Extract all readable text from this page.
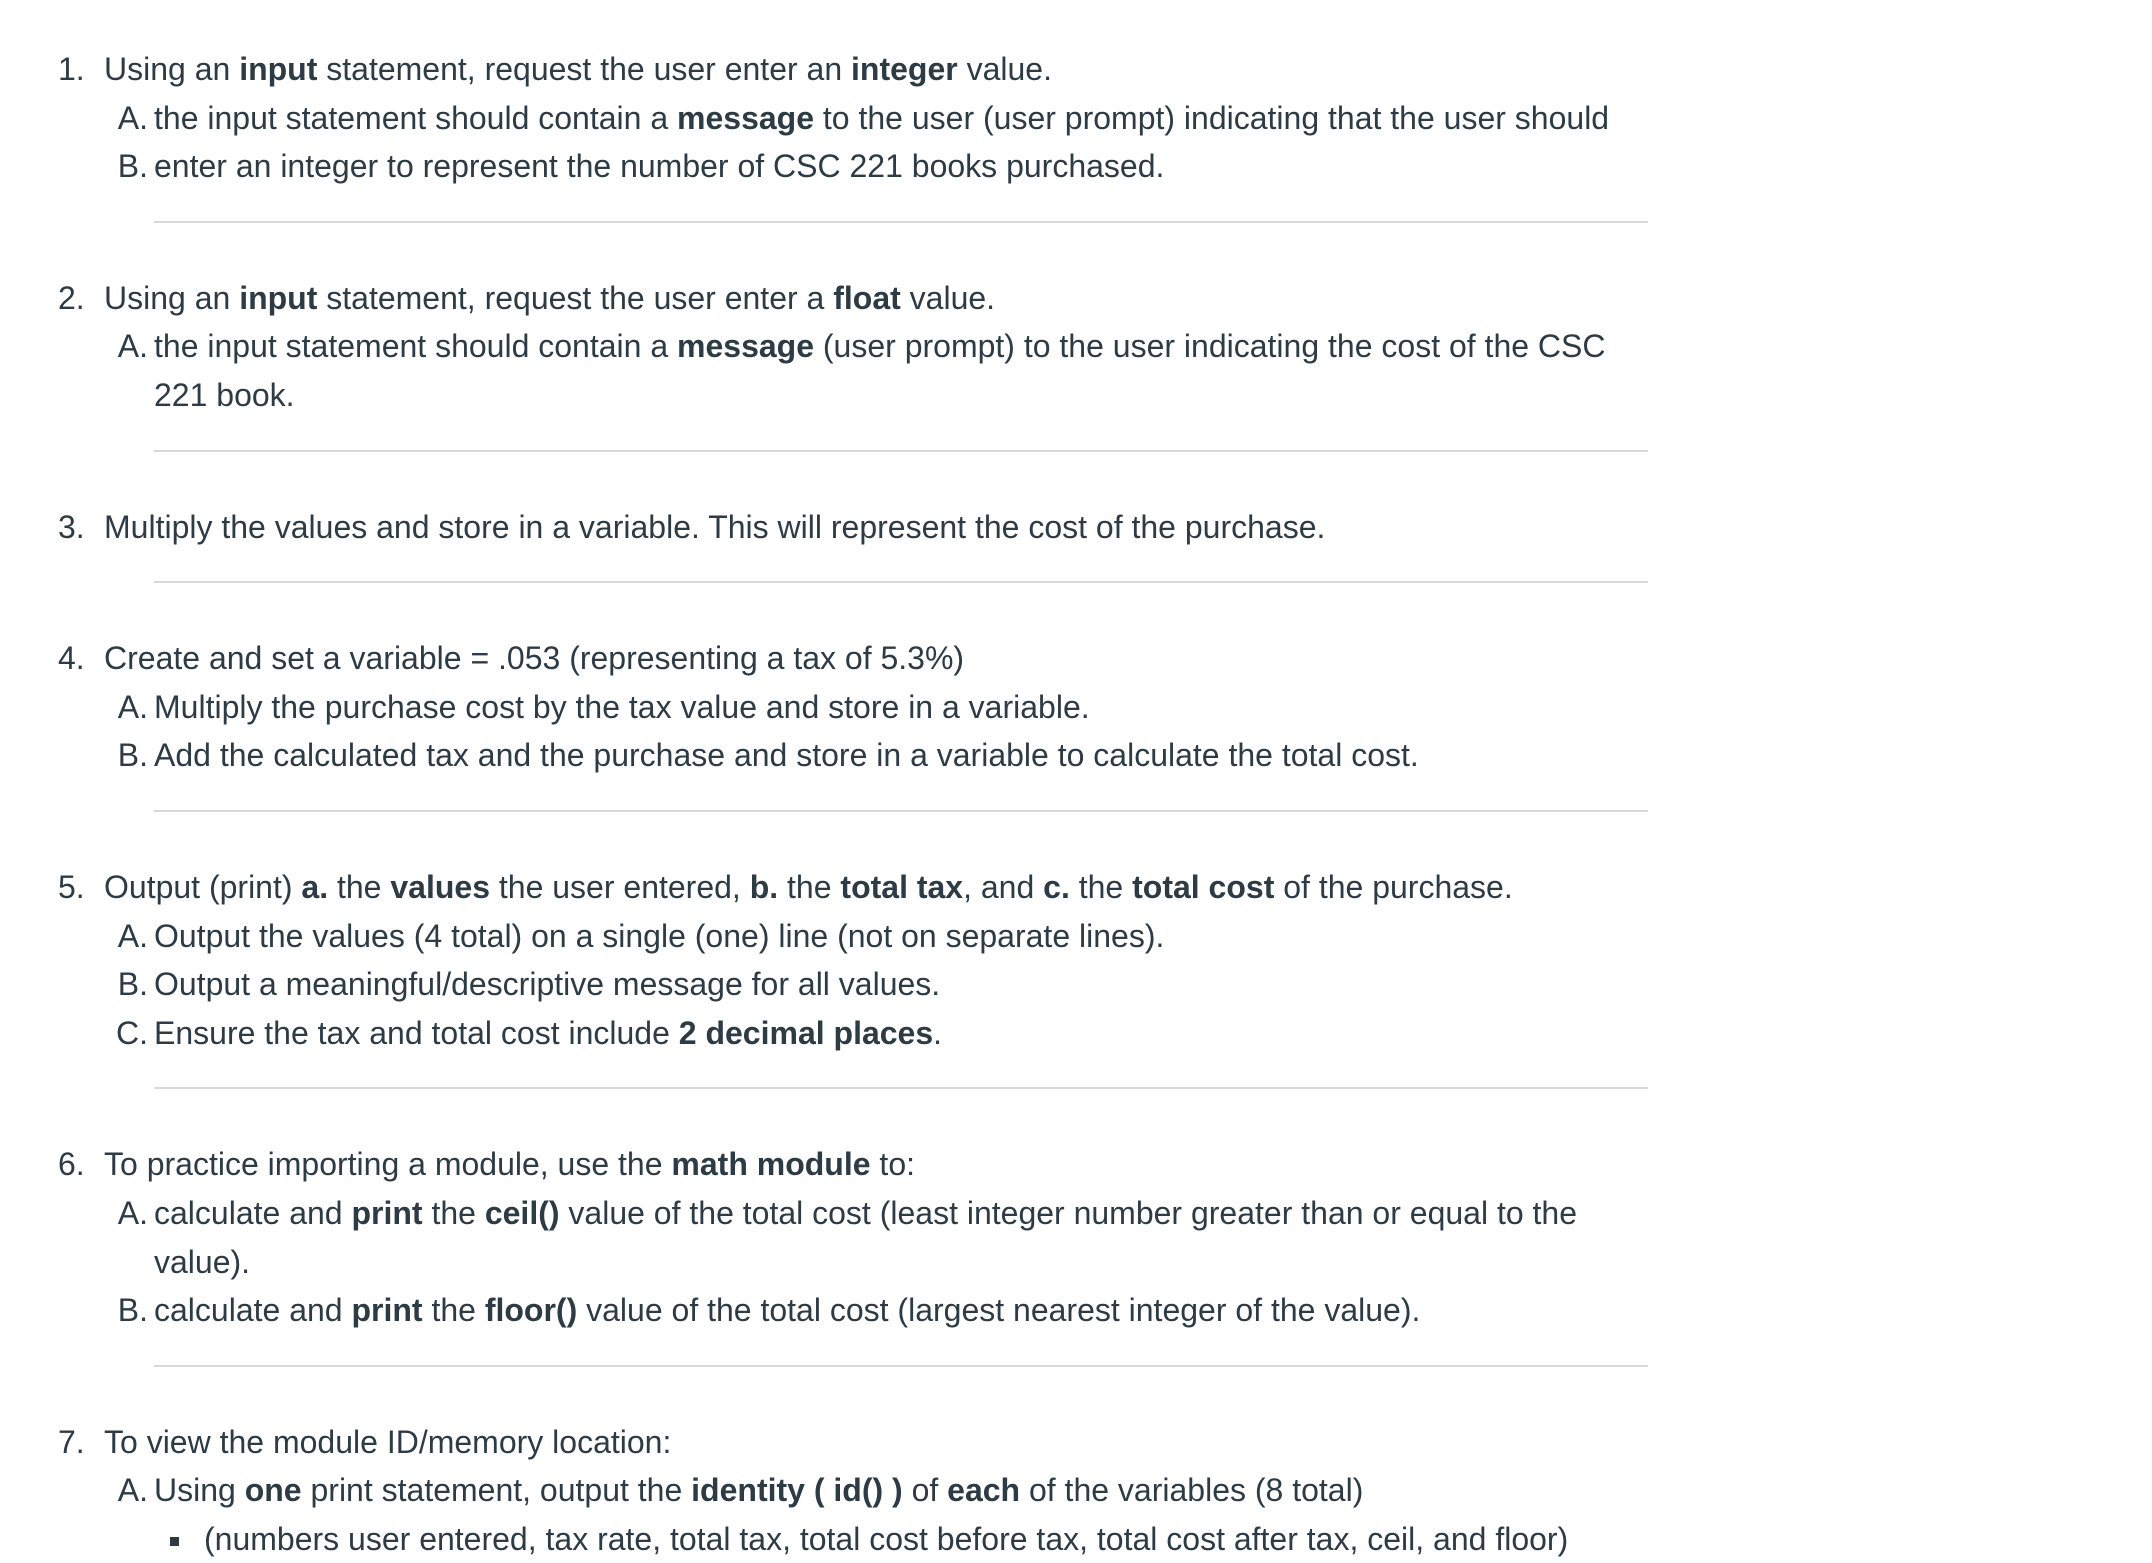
1. Using an input statement, request the user enter an integer value.
A. the input statement should contain a message to the user (user prompt) indicating that the user should
B. enter an integer to represent the number of CSC 221 books purchased.
2. Using an input statement, request the user enter a float value.
A. the input statement should contain a message (user prompt) to the user indicating the cost of the CSC
221 book.
3. Multiply the values and store in a variable. This will represent the cost of the purchase.
4. Create and set a variable = .053 (representing a tax of 5.3%)
A. Multiply the purchase cost by the tax value and store in a variable.
B. Add the calculated tax and the purchase and store in a variable to calculate the total cost.
5. Output (print) a. the values the user entered, b. the total tax, and c. the total cost of the purchase.
A. Output the values (4 total) on a single (one) line (not on separate lines).
B. Output a meaningful/descriptive message for all values.
C. Ensure the tax and total cost include 2 decimal places.
6. To practice importing a module, use the math module to:
A. calculate and print the ceil() value of the total cost (least integer number greater than or equal to the
value).
B. calculate and print the floor() value of the total cost (largest nearest integer of the value).
7. To view the module ID/memory location:
A. Using one print statement, output the identity ( id() ) of each of the variables (8 total)
(numbers user entered, tax rate, total tax, total cost before tax, total cost after tax, ceil, and floor)
